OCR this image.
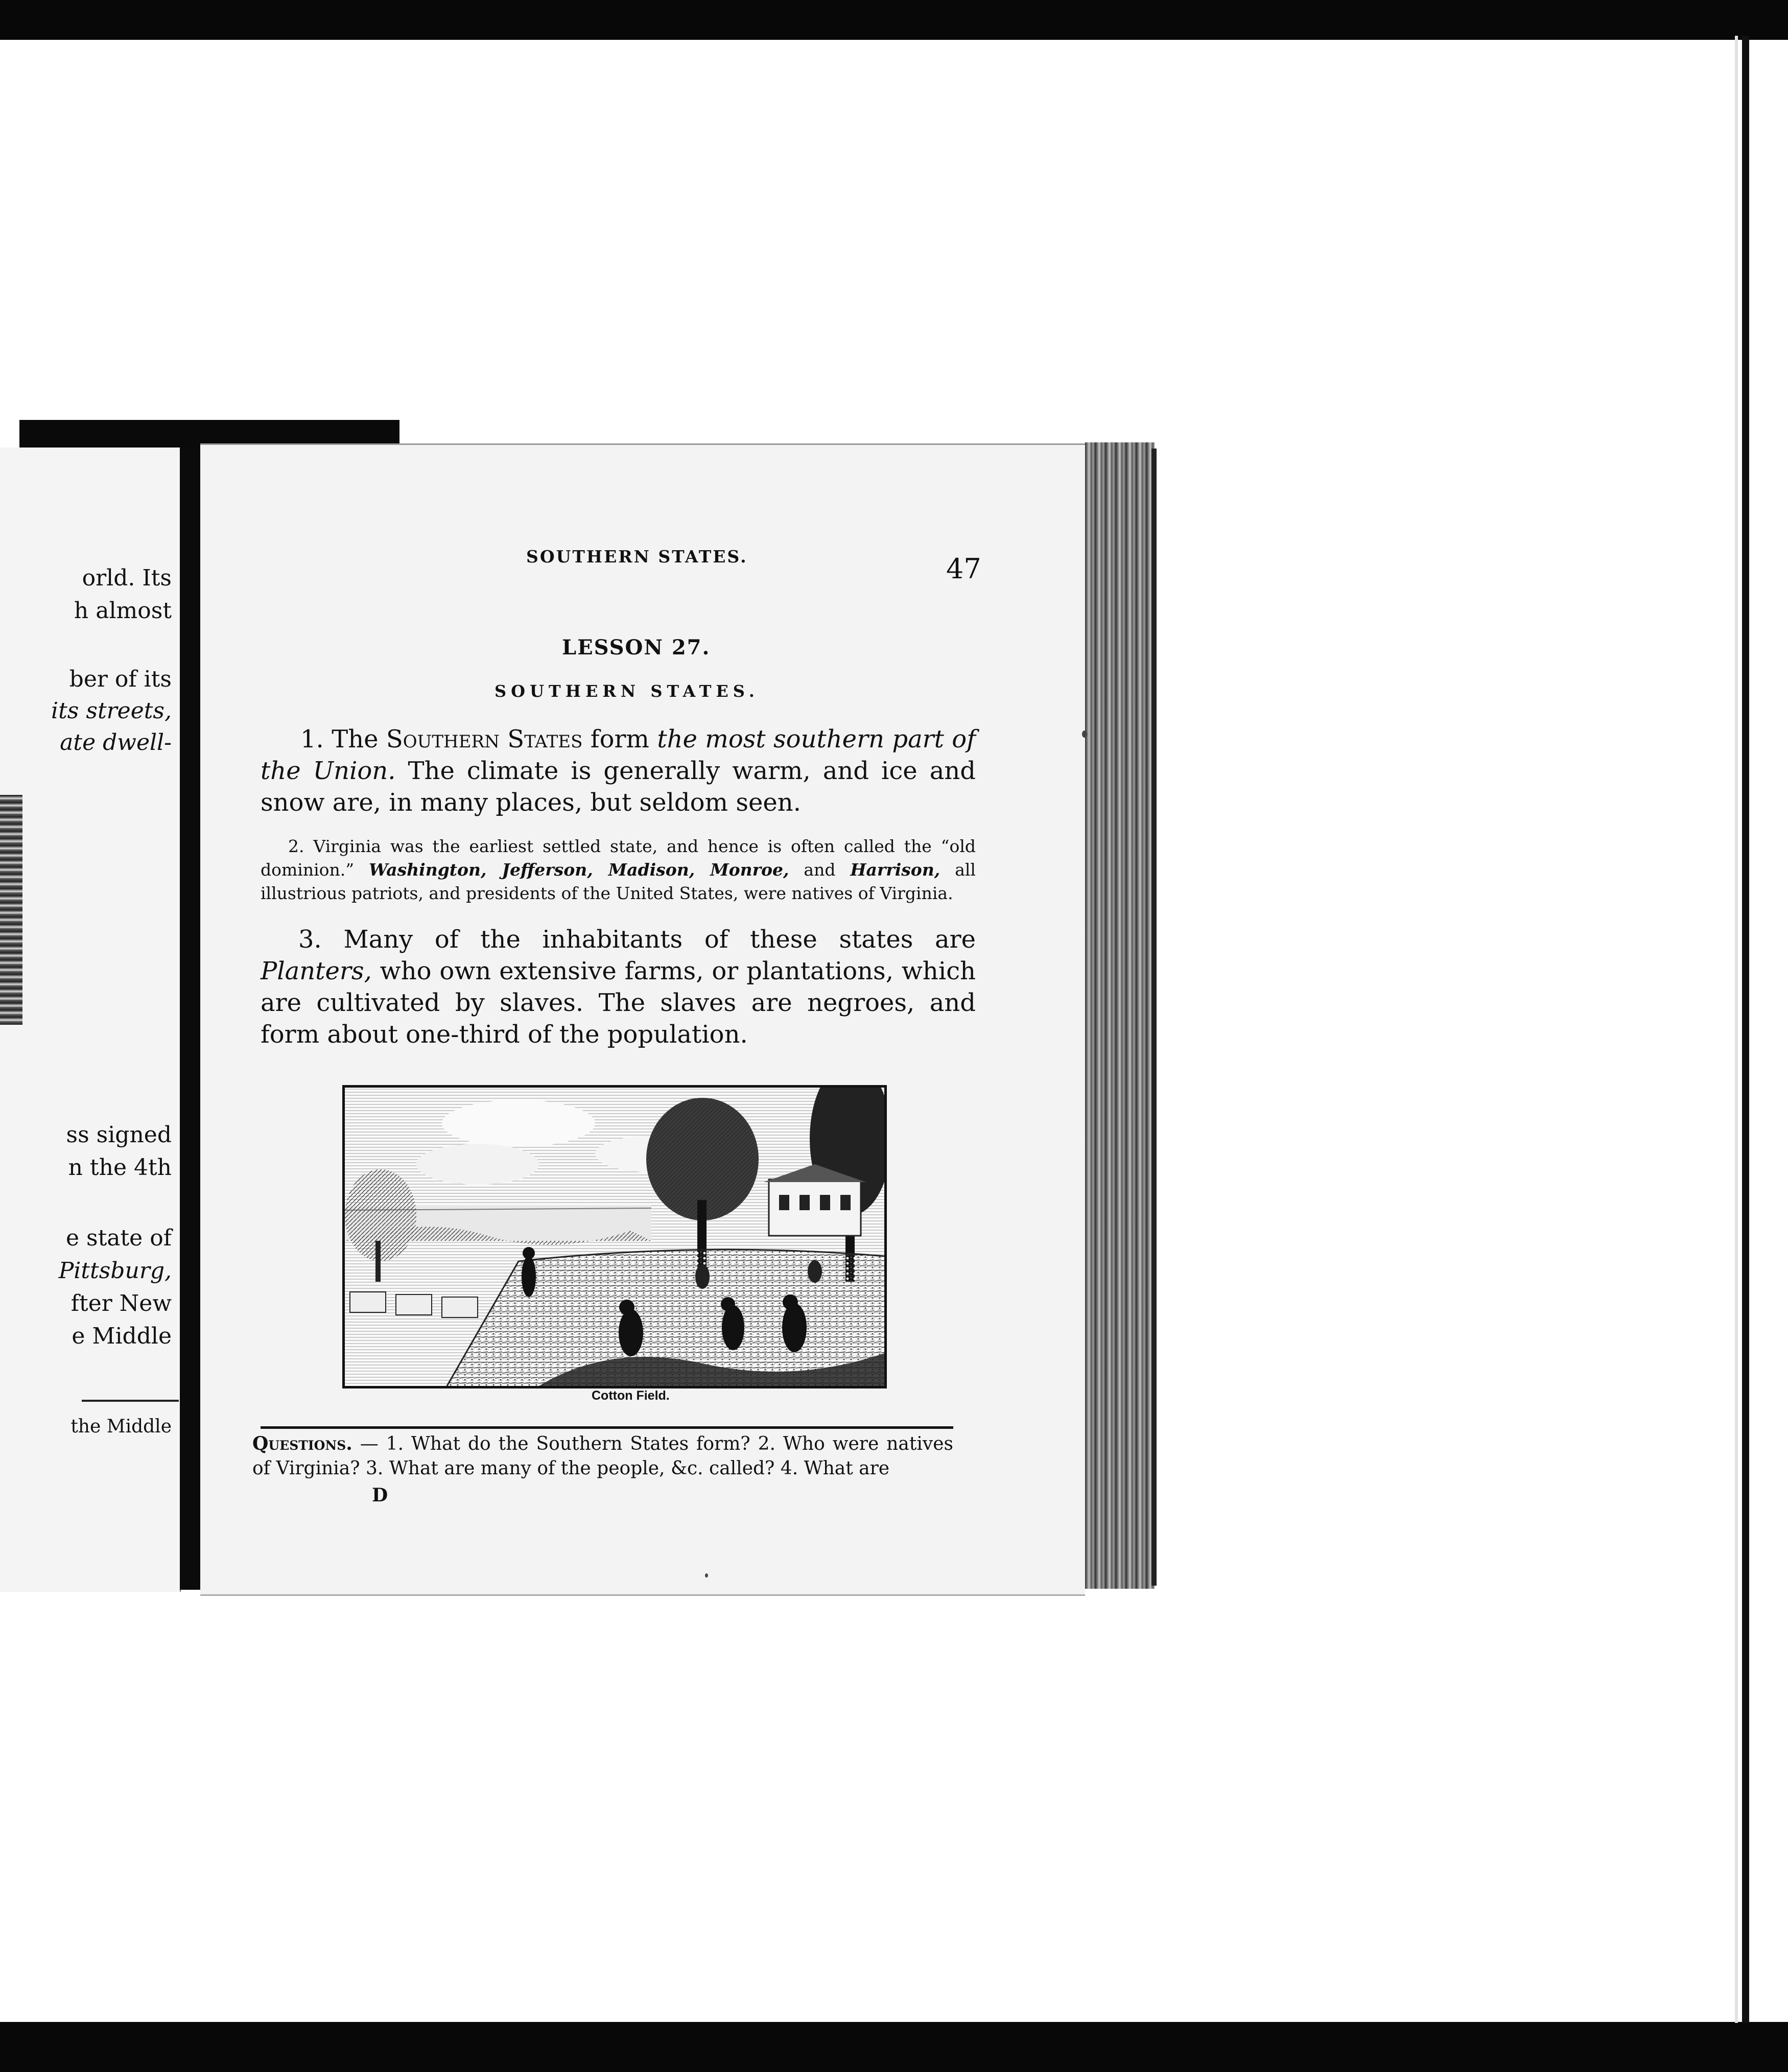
orld. Its
h almost
ber of its
its streets,
ate dwell-
ss signed
n the 4th
e state of
Pittsburg,
fter New
e Middle
the Middle
SOUTHERN STATES.	47
LESSON 27.
SOUTHERN STATES.
1. The Southern States form the most southern part of the Union. The climate is generally warm, and ice and snow are, in many places, but seldom seen.
2. Virginia was the earliest settled state, and hence is often called the “old dominion.” Washington, Jefferson, Madison, Monroe, and Harrison, all illustrious patriots, and presidents of the United States, were natives of Virginia.
3. Many of the inhabitants of these states are Planters, who own extensive farms, or plantations, which are cultivated by slaves. The slaves are negroes, and form about one-third of the population.
Cotton Field.
Questions. — 1. What do the Southern States form? 2. Who were natives of Virginia? 3. What are many of the people, &c. called? 4. What are
D
